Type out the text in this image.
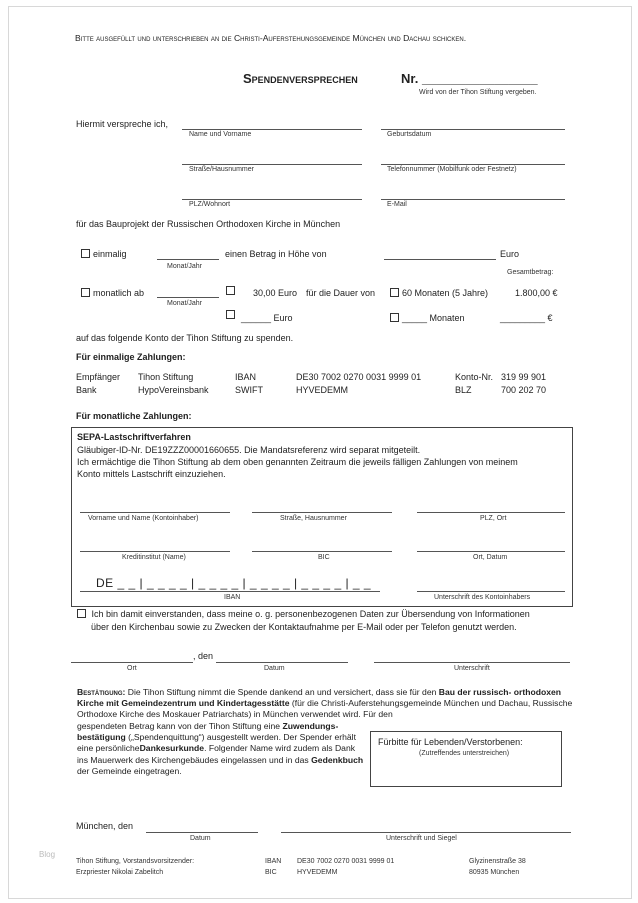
Bitte ausgefüllt und unterschrieben an die Christi-Auferstehungsgemeinde München und Dachau schicken.
Spendenversprechen	Nr. ________________
Wird von der Tihon Stiftung vergeben.
Hiermit verspreche ich,
Name und Vorname	Geburtsdatum
Straße/Hausnummer	Telefonnummer (Mobilfunk oder Festnetz)
PLZ/Wohnort	E-Mail
für das Bauprojekt der Russischen Orthodoxen Kirche in München
einmalig
Monat/Jahr
einen Betrag in Höhe von	Euro
Gesamtbetrag:
monatlich ab
Monat/Jahr
30,00 Euro für die Dauer von	60 Monaten (5 Jahre)	1.800,00 €
______ Euro	_____ Monaten	_________ €
auf das folgende Konto der Tihon Stiftung zu spenden.
Für einmalige Zahlungen:
Empfänger Tihon Stiftung	IBAN	DE30 7002 0270 0031 9999 01	Konto-Nr. 319 99 901
Bank	HypoVereinsbank	SWIFT	HYVEDEMM	BLZ	700 202 70
Für monatliche Zahlungen:
SEPA-Lastschriftverfahren
Gläubiger-ID-Nr. DE19ZZZ00001660655. Die Mandatsreferenz wird separat mitgeteilt.
Ich ermächtige die Tihon Stiftung ab dem oben genannten Zeitraum die jeweils fälligen Zahlungen von meinem
Konto mittels Lastschrift einzuziehen.
Vorname und Name (Kontoinhaber)	Straße, Hausnummer	PLZ, Ort
Kreditinstitut (Name)	BIC	Ort, Datum
DE _ _ | _ _ _ _ | _ _ _ _ | _ _ _ _ | _ _ _ _ | _ _
IBAN	Unterschrift des Kontoinhabers
Ich bin damit einverstanden, dass meine o. g. personenbezogenen Daten zur Übersendung von Informationen
über den Kirchenbau sowie zu Zwecken der Kontaktaufnahme per E-Mail oder per Telefon genutzt werden.
, den
Ort	Datum	Unterschrift
Bestätigung: Die Tihon Stiftung nimmt die Spende dankend an und versichert, dass sie für den Bau der russisch- orthodoxen Kirche mit Gemeindezentrum und Kindertagesstätte (für die Christi-Auferstehungsgemeinde München und Dachau, Russische Orthodoxe Kirche des Moskauer Patriarchats) in München verwendet wird. Für den
gespendeten Betrag kann von der Tihon Stiftung eine Zuwendungs- bestätigung („Spendenquittung“) ausgestellt werden. Der Spender erhält eine persönlicheDankesurkunde. Folgender Name wird zudem als Dank ins Mauerwerk des Kirchengebäudes eingelassen und in das Gedenkbuch der Gemeinde eingetragen.
Fürbitte für Lebenden/Verstorbenen:
(Zutreffendes unterstreichen)
München, den
Datum	Unterschrift und Siegel
Blog
Tihon Stiftung, Vorstandsvorsitzender:
Erzpriester Nikolai Zabelitch
IBAN DE30 7002 0270 0031 9999 01
BIC	HYVEDEMM
Glyzinenstraße 38
80935 München
